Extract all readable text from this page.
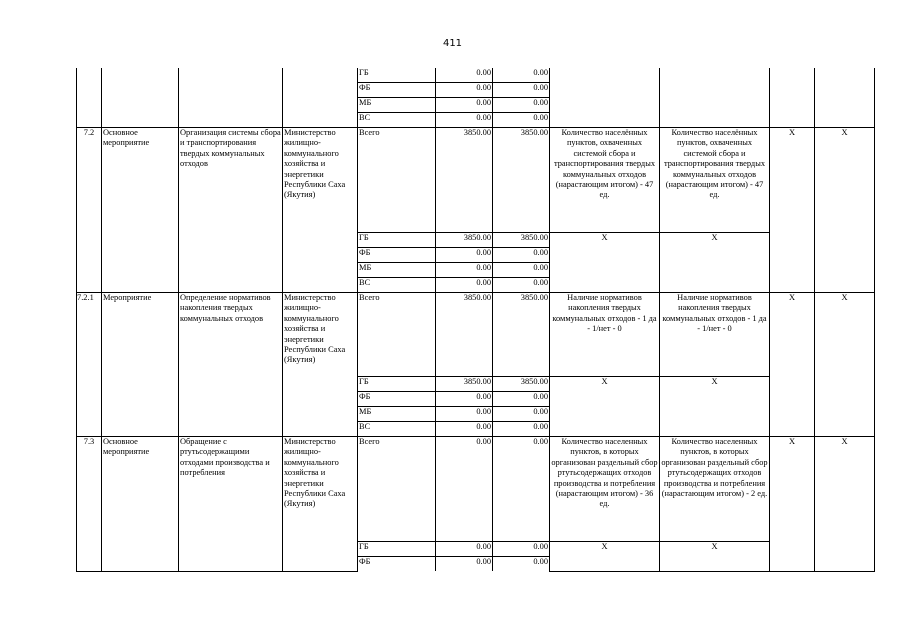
411
				ГБ	0.00	0.00				
				ФБ	0.00	0.00				
				МБ	0.00	0.00				
				ВС	0.00	0.00				
7.2	Основное мероприятие	Организация системы сбора и транспортирования твердых коммунальных отходов	Министерство жилищно-коммунального хозяйства и энергетики Республики Саха (Якутия)	Всего	3850.00	3850.00	Количество населённых пунктов, охваченных системой сбора и транспортирования твердых коммунальных отходов (нарастающим итогом) - 47 ед.	Количество населённых пунктов, охваченных системой сбора и транспортирования твердых коммунальных отходов (нарастающим итогом) - 47 ед.	X	X
				ГБ	3850.00	3850.00	X	X		
				ФБ	0.00	0.00				
				МБ	0.00	0.00				
				ВС	0.00	0.00				
7.2.1	Мероприятие	Определение нормативов накопления твердых коммунальных отходов	Министерство жилищно-коммунального хозяйства и энергетики Республики Саха (Якутия)	Всего	3850.00	3850.00	Наличие нормативов накопления твердых коммунальных отходов - 1 да - 1/нет - 0	Наличие нормативов накопления твердых коммунальных отходов - 1 да - 1/нет - 0	X	X
				ГБ	3850.00	3850.00	X	X		
				ФБ	0.00	0.00				
				МБ	0.00	0.00				
				ВС	0.00	0.00				
7.3	Основное мероприятие	Обращение с ртутьсодержащими отходами производства и потребления	Министерство жилищно-коммунального хозяйства и энергетики Республики Саха (Якутия)	Всего	0.00	0.00	Количество населенных пунктов, в которых организован раздельный сбор ртутьсодержащих отходов производства и потребления (нарастающим итогом) - 36 ед.	Количество населенных пунктов, в которых организован раздельный сбор ртутьсодержащих отходов производства и потребления (нарастающим итогом) - 2 ед.	X	X
				ГБ	0.00	0.00	X	X		
				ФБ	0.00	0.00				
